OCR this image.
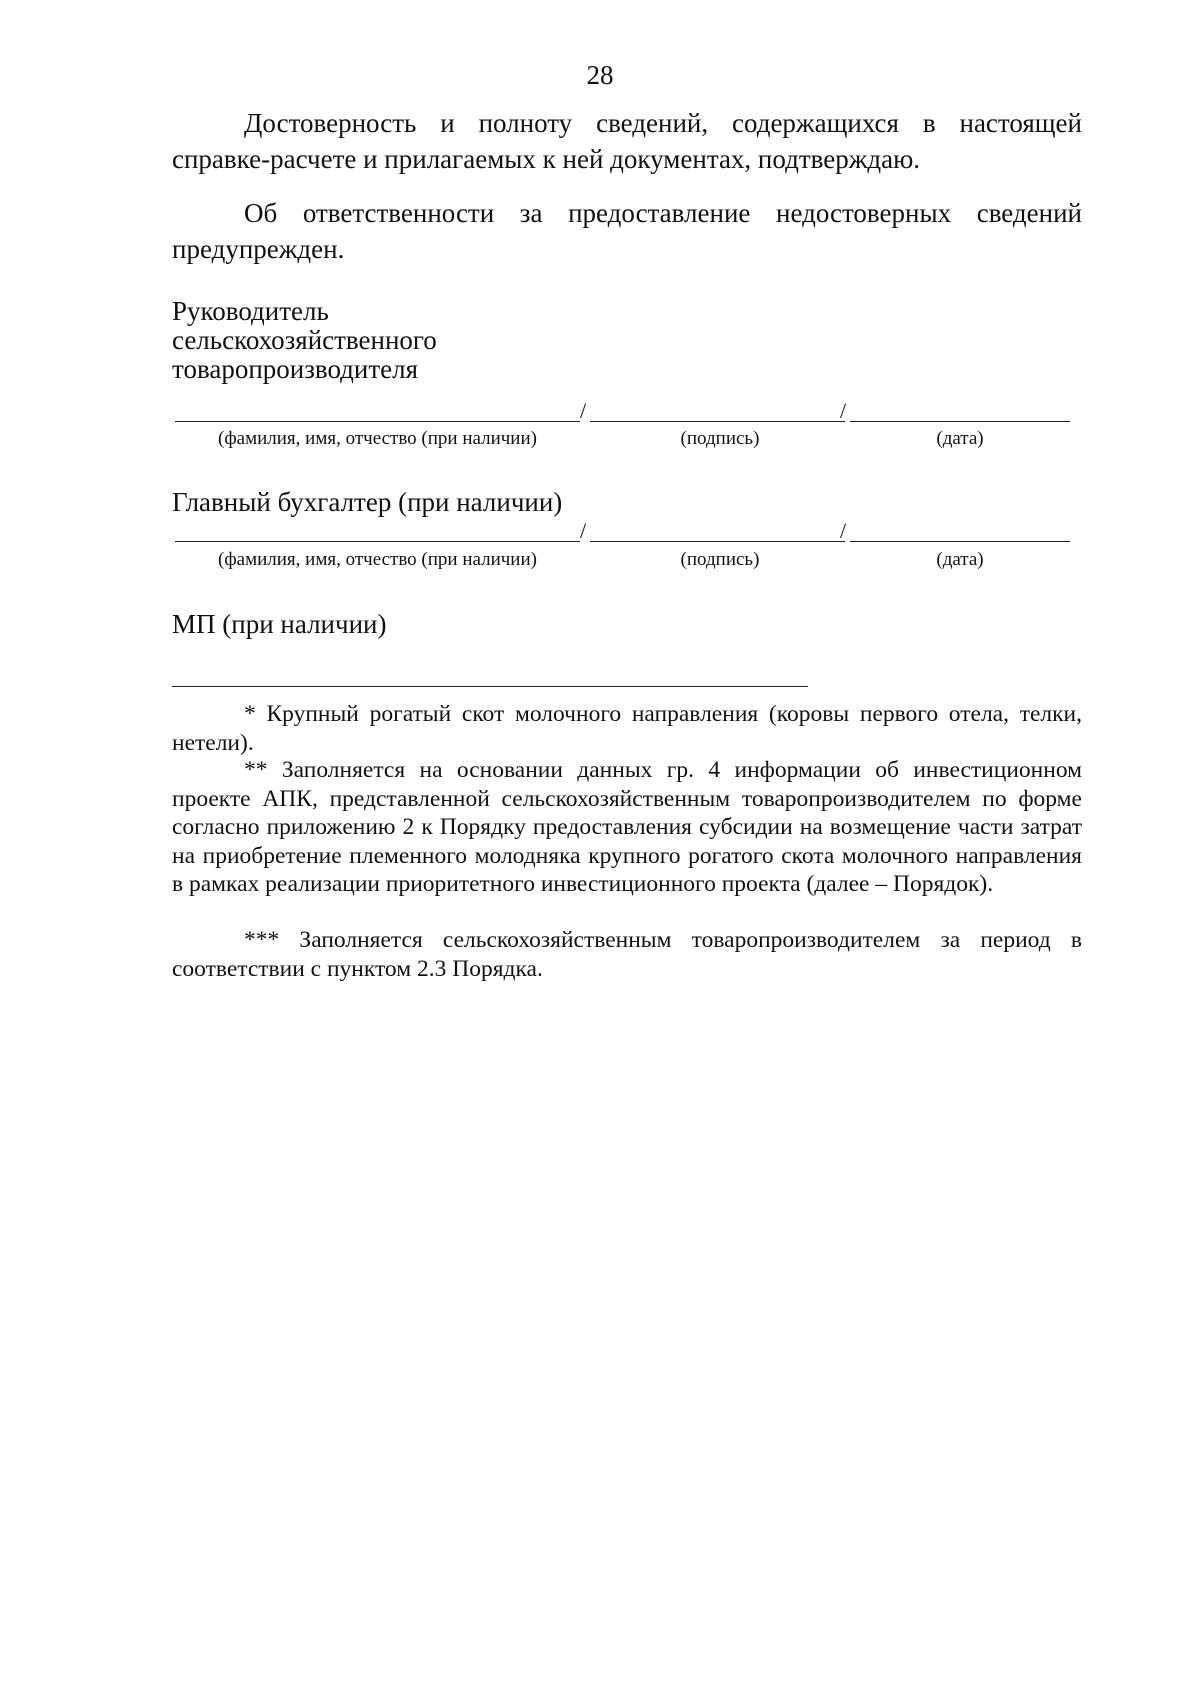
28

Достоверность и полноту сведений, содержащихся в настоящей справке-расчете и прилагаемых к ней документах, подтверждаю.

Об ответственности за предоставление недостоверных сведений предупрежден.

Руководитель
сельскохозяйственного
товаропроизводителя
/	/
(фамилия, имя, отчество (при наличии)	(подпись)	(дата)
Главный бухгалтер (при наличии)
/	/
(фамилия, имя, отчество (при наличии)	(подпись)	(дата)
МП (при наличии)

* Крупный рогатый скот молочного направления (коровы первого отела, телки, нетели).

** Заполняется на основании данных гр. 4 информации об инвестиционном проекте АПК, представленной сельскохозяйственным товаропроизводителем по форме согласно приложению 2 к Порядку предоставления субсидии на возмещение части затрат на приобретение племенного молодняка крупного рогатого скота молочного направления в рамках реализации приоритетного инвестиционного проекта (далее – Порядок).

*** Заполняется сельскохозяйственным товаропроизводителем за период в соответствии с пунктом 2.3 Порядка.
